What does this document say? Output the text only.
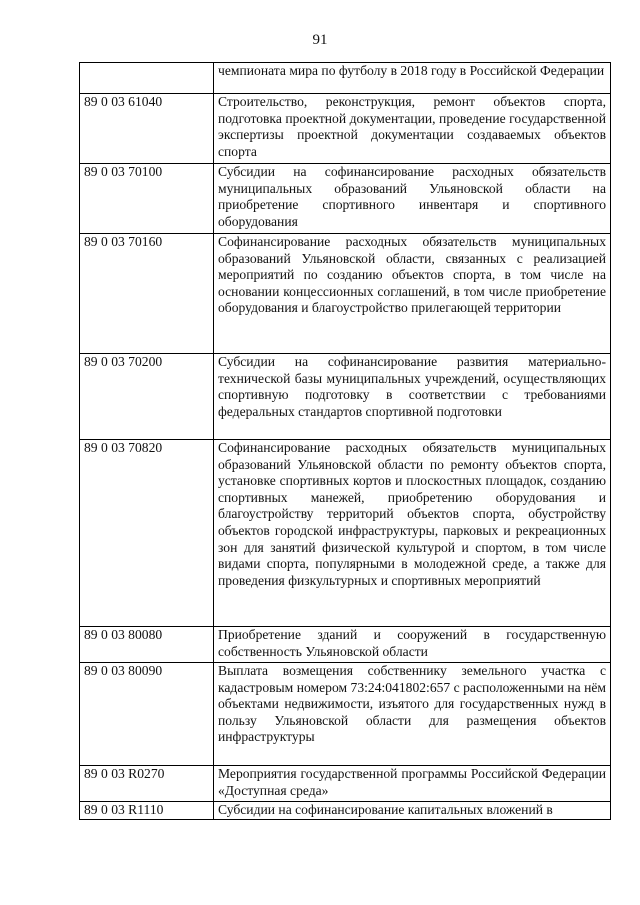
91
	чемпионата мира по футболу в 2018 году в Российской Федерации
89 0 03 61040	Строительство, реконструкция, ремонт объектов спорта, подготовка проектной документации, проведение государственной экспертизы проектной документации создаваемых объектов спорта
89 0 03 70100	Субсидии на софинансирование расходных обязательств муниципальных образований Ульяновской области на приобретение спортивного инвентаря и спортивного оборудования
89 0 03 70160	Софинансирование расходных обязательств муниципальных образований Ульяновской области, связанных с реализацией мероприятий по созданию объектов спорта, в том числе на основании концессионных соглашений, в том числе приобретение оборудования и благоустройство прилегающей территории
89 0 03 70200	Субсидии на софинансирование развития материально-технической базы муниципальных учреждений, осуществляющих спортивную подготовку в соответствии с требованиями федеральных стандартов спортивной подготовки
89 0 03 70820	Софинансирование расходных обязательств муниципальных образований Ульяновской области по ремонту объектов спорта, установке спортивных кортов и плоскостных площадок, созданию спортивных манежей, приобретению оборудования и благоустройству территорий объектов спорта, обустройству объектов городской инфраструктуры, парковых и рекреационных зон для занятий физической культурой и спортом, в том числе видами спорта, популярными в молодежной среде, а также для проведения физкультурных и спортивных мероприятий
89 0 03 80080	Приобретение зданий и сооружений в государственную собственность Ульяновской области
89 0 03 80090	Выплата возмещения собственнику земельного участка с кадастровым номером 73:24:041802:657 с расположенными на нём объектами недвижимости, изъятого для государственных нужд в пользу Ульяновской области для размещения объектов инфраструктуры
89 0 03 R0270	Мероприятия государственной программы Российской Федерации «Доступная среда»
89 0 03 R1110	Субсидии на софинансирование капитальных вложений в
